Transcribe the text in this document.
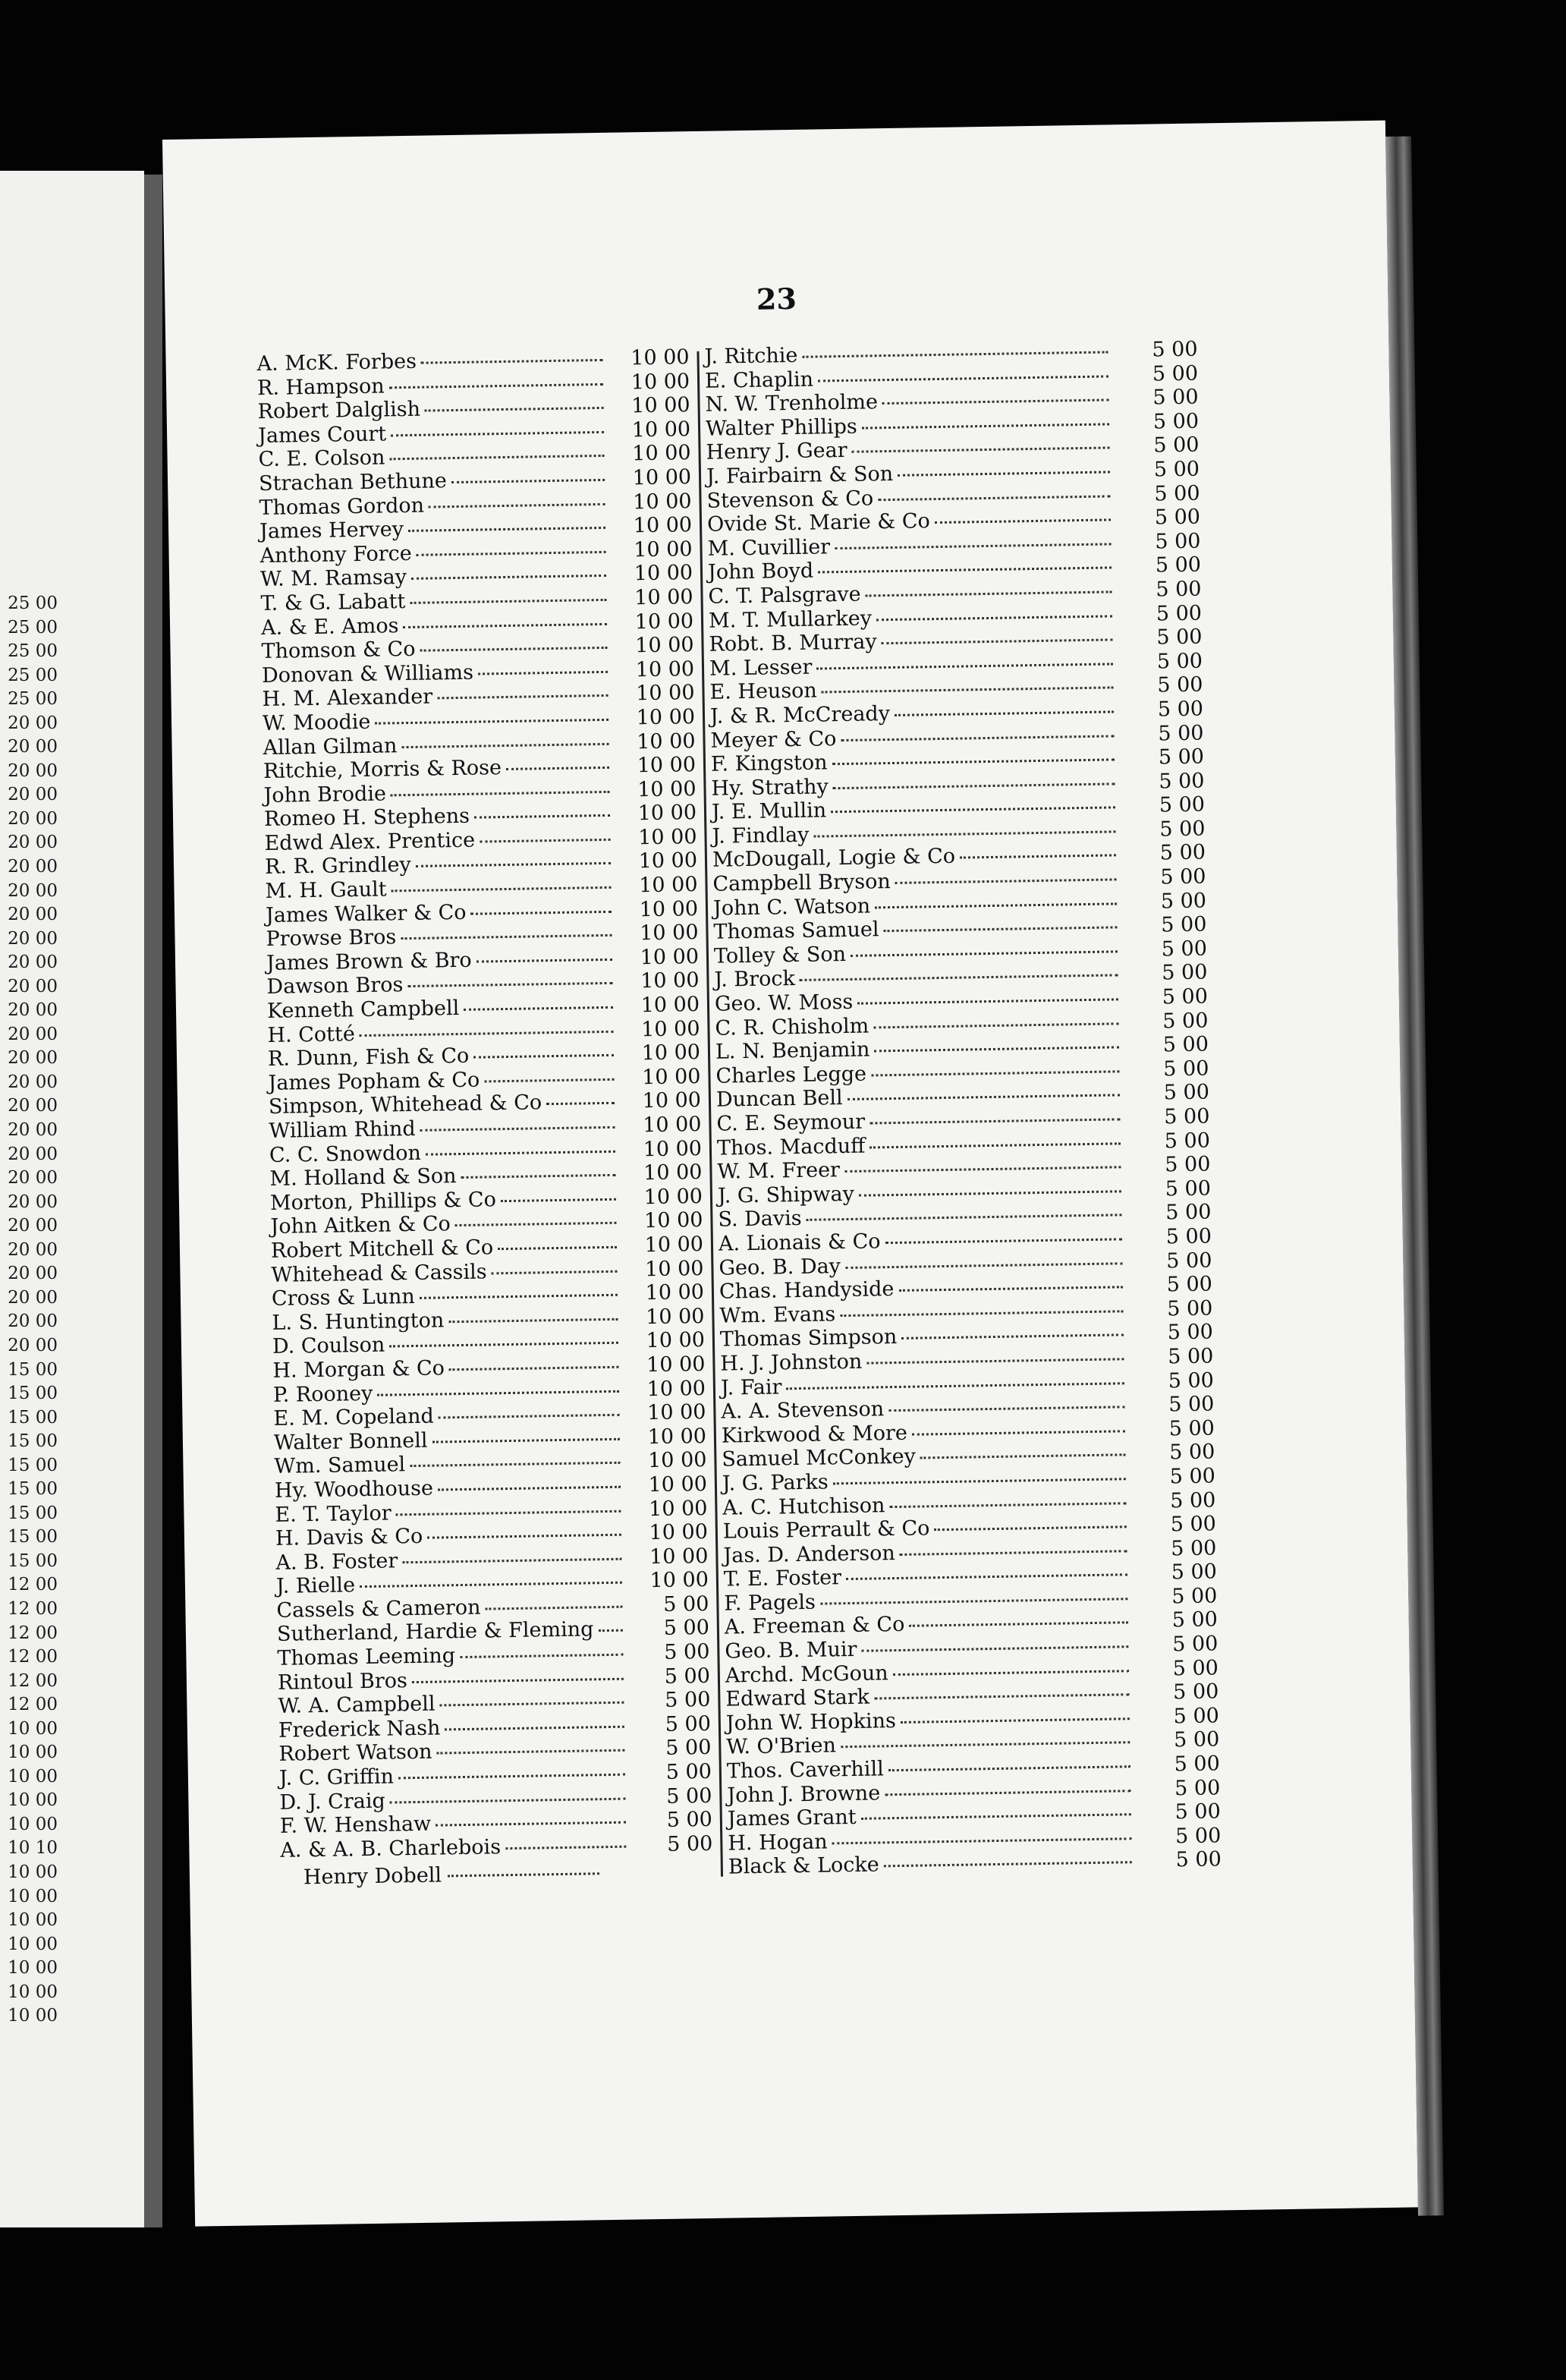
25 00
25 00
25 00
25 00
25 00
20 00
20 00
20 00
20 00
20 00
20 00
20 00
20 00
20 00
20 00
20 00
20 00
20 00
20 00
20 00
20 00
20 00
20 00
20 00
20 00
20 00
20 00
20 00
20 00
20 00
20 00
20 00
15 00
15 00
15 00
15 00
15 00
15 00
15 00
15 00
15 00
12 00
12 00
12 00
12 00
12 00
12 00
10 00
10 00
10 00
10 00
10 00
10 10
10 00
10 00
10 00
10 00
10 00
10 00
10 00
23
A. McK. Forbes	10 00
R. Hampson	10 00
Robert Dalglish	10 00
James Court	10 00
C. E. Colson	10 00
Strachan Bethune	10 00
Thomas Gordon	10 00
James Hervey	10 00
Anthony Force	10 00
W. M. Ramsay	10 00
T. & G. Labatt	10 00
A. & E. Amos	10 00
Thomson & Co	10 00
Donovan & Williams	10 00
H. M. Alexander	10 00
W. Moodie	10 00
Allan Gilman	10 00
Ritchie, Morris & Rose	10 00
John Brodie	10 00
Romeo H. Stephens	10 00
Edwd Alex. Prentice	10 00
R. R. Grindley	10 00
M. H. Gault	10 00
James Walker & Co	10 00
Prowse Bros	10 00
James Brown & Bro	10 00
Dawson Bros	10 00
Kenneth Campbell	10 00
H. Cotté	10 00
R. Dunn, Fish & Co	10 00
James Popham & Co	10 00
Simpson, Whitehead & Co	10 00
William Rhind	10 00
C. C. Snowdon	10 00
M. Holland & Son	10 00
Morton, Phillips & Co	10 00
John Aitken & Co	10 00
Robert Mitchell & Co	10 00
Whitehead & Cassils	10 00
Cross & Lunn	10 00
L. S. Huntington	10 00
D. Coulson	10 00
H. Morgan & Co	10 00
P. Rooney	10 00
E. M. Copeland	10 00
Walter Bonnell	10 00
Wm. Samuel	10 00
Hy. Woodhouse	10 00
E. T. Taylor	10 00
H. Davis & Co	10 00
A. B. Foster	10 00
J. Rielle	10 00
Cassels & Cameron	5 00
Sutherland, Hardie & Fleming	5 00
Thomas Leeming	5 00
Rintoul Bros	5 00
W. A. Campbell	5 00
Frederick Nash	5 00
Robert Watson	5 00
J. C. Griffin	5 00
D. J. Craig	5 00
F. W. Henshaw	5 00
A. & A. B. Charlebois	5 00
J. Ritchie	5 00
E. Chaplin	5 00
N. W. Trenholme	5 00
Walter Phillips	5 00
Henry J. Gear	5 00
J. Fairbairn & Son	5 00
Stevenson & Co	5 00
Ovide St. Marie & Co	5 00
M. Cuvillier	5 00
John Boyd	5 00
C. T. Palsgrave	5 00
M. T. Mullarkey	5 00
Robt. B. Murray	5 00
M. Lesser	5 00
E. Heuson	5 00
J. & R. McCready	5 00
Meyer & Co	5 00
F. Kingston	5 00
Hy. Strathy	5 00
J. E. Mullin	5 00
J. Findlay	5 00
McDougall, Logie & Co	5 00
Campbell Bryson	5 00
John C. Watson	5 00
Thomas Samuel	5 00
Tolley & Son	5 00
J. Brock	5 00
Geo. W. Moss	5 00
C. R. Chisholm	5 00
L. N. Benjamin	5 00
Charles Legge	5 00
Duncan Bell	5 00
C. E. Seymour	5 00
Thos. Macduff	5 00
W. M. Freer	5 00
J. G. Shipway	5 00
S. Davis	5 00
A. Lionais & Co	5 00
Geo. B. Day	5 00
Chas. Handyside	5 00
Wm. Evans	5 00
Thomas Simpson	5 00
H. J. Johnston	5 00
J. Fair	5 00
A. A. Stevenson	5 00
Kirkwood & More	5 00
Samuel McConkey	5 00
J. G. Parks	5 00
A. C. Hutchison	5 00
Louis Perrault & Co	5 00
Jas. D. Anderson	5 00
T. E. Foster	5 00
F. Pagels	5 00
A. Freeman & Co	5 00
Geo. B. Muir	5 00
Archd. McGoun	5 00
Edward Stark	5 00
John W. Hopkins	5 00
W. O'Brien	5 00
Thos. Caverhill	5 00
John J. Browne	5 00
James Grant	5 00
H. Hogan	5 00
Black & Locke	5 00
Henry Dobell
